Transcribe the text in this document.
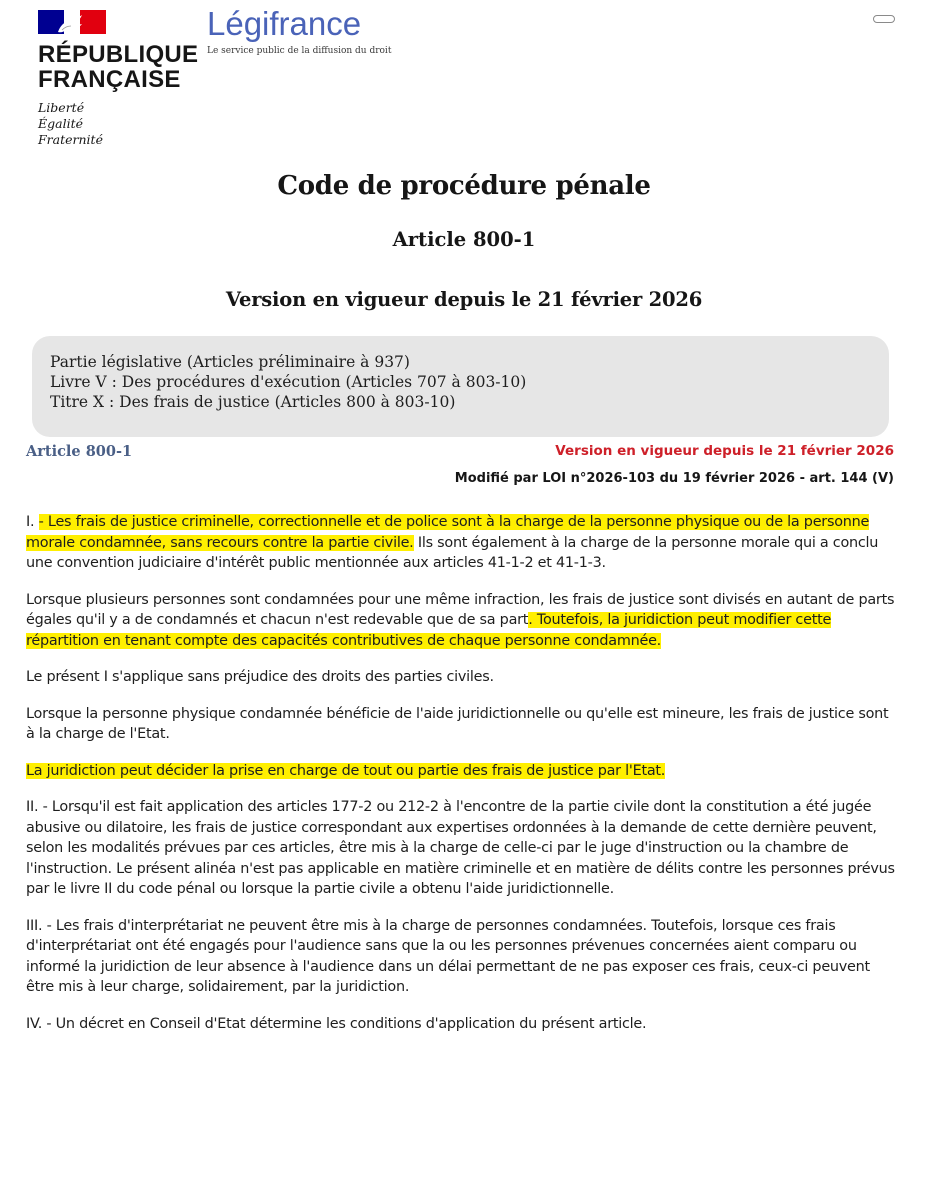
RÉPUBLIQUE
FRANÇAISE
Liberté
Égalité
Fraternité
Légifrance
Le service public de la diffusion du droit
Code de procédure pénale
Article 800-1
Version en vigueur depuis le 21 février 2026
Partie législative (Articles préliminaire à 937)
Livre V : Des procédures d'exécution (Articles 707 à 803-10)
Titre X : Des frais de justice (Articles 800 à 803-10)
Article 800-1	Version en vigueur depuis le 21 février 2026
Modifié par LOI n°2026-103 du 19 février 2026 - art. 144 (V)

I. - Les frais de justice criminelle, correctionnelle et de police sont à la charge de la personne physique ou de la personne morale condamnée, sans recours contre la partie civile. Ils sont également à la charge de la personne morale qui a conclu une convention judiciaire d'intérêt public mentionnée aux articles 41-1-2 et 41-1-3.

Lorsque plusieurs personnes sont condamnées pour une même infraction, les frais de justice sont divisés en autant de parts égales qu'il y a de condamnés et chacun n'est redevable que de sa part. Toutefois, la juridiction peut modifier cette répartition en tenant compte des capacités contributives de chaque personne condamnée.

Le présent I s'applique sans préjudice des droits des parties civiles.

Lorsque la personne physique condamnée bénéficie de l'aide juridictionnelle ou qu'elle est mineure, les frais de justice sont à la charge de l'Etat.

La juridiction peut décider la prise en charge de tout ou partie des frais de justice par l'Etat.

II. - Lorsqu'il est fait application des articles 177-2 ou 212-2 à l'encontre de la partie civile dont la constitution a été jugée abusive ou dilatoire, les frais de justice correspondant aux expertises ordonnées à la demande de cette dernière peuvent, selon les modalités prévues par ces articles, être mis à la charge de celle-ci par le juge d'instruction ou la chambre de l'instruction. Le présent alinéa n'est pas applicable en matière criminelle et en matière de délits contre les personnes prévus par le livre II du code pénal ou lorsque la partie civile a obtenu l'aide juridictionnelle.

III. - Les frais d'interprétariat ne peuvent être mis à la charge de personnes condamnées. Toutefois, lorsque ces frais d'interprétariat ont été engagés pour l'audience sans que la ou les personnes prévenues concernées aient comparu ou informé la juridiction de leur absence à l'audience dans un délai permettant de ne pas exposer ces frais, ceux-ci peuvent être mis à leur charge, solidairement, par la juridiction.

IV. - Un décret en Conseil d'Etat détermine les conditions d'application du présent article.
